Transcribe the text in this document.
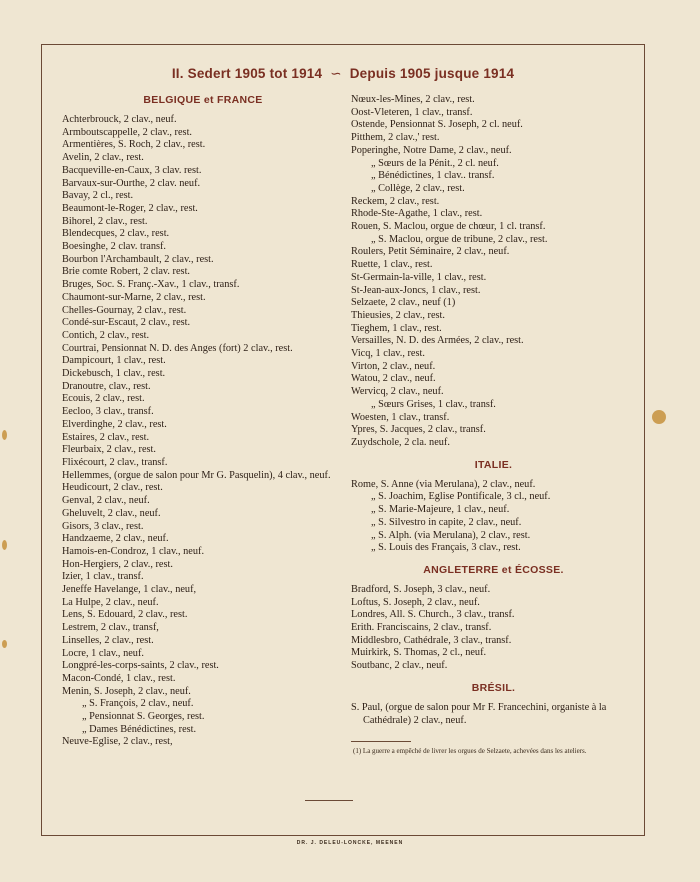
II. Sedert 1905 tot 1914 ∽ Depuis 1905 jusque 1914
BELGIQUE et FRANCE
Achterbrouck, 2 clav., neuf.
Armboutscappelle, 2 clav., rest.
Armentières, S. Roch, 2 clav., rest.
Avelin, 2 clav., rest.
Bacqueville-en-Caux, 3 clav. rest.
Barvaux-sur-Ourthe, 2 clav. neuf.
Bavay, 2 cl., rest.
Beaumont-le-Roger, 2 clav., rest.
Bihorel, 2 clav., rest.
Blendecques, 2 clav., rest.
Boesinghe, 2 clav. transf.
Bourbon l'Archambault, 2 clav., rest.
Brie comte Robert, 2 clav. rest.
Bruges, Soc. S. Franç.-Xav., 1 clav., transf.
Chaumont-sur-Marne, 2 clav., rest.
Chelles-Gournay, 2 clav., rest.
Condé-sur-Escaut, 2 clav., rest.
Contich, 2 clav., rest.
Courtrai, Pensionnat N. D. des Anges (fort) 2 clav., rest.
Dampicourt, 1 clav., rest.
Dickebusch, 1 clav., rest.
Dranoutre, clav., rest.
Ecouis, 2 clav., rest.
Eecloo, 3 clav., transf.
Elverdinghe, 2 clav., rest.
Estaires, 2 clav., rest.
Fleurbaix, 2 clav., rest.
Flixécourt, 2 clav., transf.
Hellemmes, (orgue de salon pour Mr G. Pasquelin), 4 clav., neuf.
Heudicourt, 2 clav., rest.
Genval, 2 clav., neuf.
Gheluvelt, 2 clav., neuf.
Gisors, 3 clav., rest.
Handzaeme, 2 clav., neuf.
Hamois-en-Condroz, 1 clav., neuf.
Hon-Hergiers, 2 clav., rest.
Izier, 1 clav., transf.
Jeneffe Havelange, 1 clav., neuf,
La Hulpe, 2 clav., neuf.
Lens, S. Edouard, 2 clav., rest.
Lestrem, 2 clav., transf,
Linselles, 2 clav., rest.
Locre, 1 clav., neuf.
Longpré-les-corps-saints, 2 clav., rest.
Macon-Condé, 1 clav., rest.
Menin, S. Joseph, 2 clav., neuf.
„ S. François, 2 clav., neuf.
„ Pensionnat S. Georges, rest.
„ Dames Bénédictines, rest.
Neuve-Eglise, 2 clav., rest,
Nœux-les-Mines, 2 clav., rest.
Oost-Vleteren, 1 clav., transf.
Ostende, Pensionnat S. Joseph, 2 cl. neuf.
Pitthem, 2 clav.,' rest.
Poperinghe, Notre Dame, 2 clav., neuf.
„ Sœurs de la Pénit., 2 cl. neuf.
„ Bénédictines, 1 clav.. transf.
„ Collège, 2 clav., rest.
Reckem, 2 clav., rest.
Rhode-Ste-Agathe, 1 clav., rest.
Rouen, S. Maclou, orgue de chœur, 1 cl. transf.
„ S. Maclou, orgue de tribune, 2 clav., rest.
Roulers, Petit Séminaire, 2 clav., neuf.
Ruette, 1 clav., rest.
St-Germain-la-ville, 1 clav., rest.
St-Jean-aux-Joncs, 1 clav., rest.
Selzaete, 2 clav., neuf (1)
Thieusies, 2 clav., rest.
Tieghem, 1 clav., rest.
Versailles, N. D. des Armées, 2 clav., rest.
Vicq, 1 clav., rest.
Virton, 2 clav., neuf.
Watou, 2 clav., neuf.
Wervicq, 2 clav., neuf.
„ Sœurs Grises, 1 clav., transf.
Woesten, 1 clav., transf.
Ypres, S. Jacques, 2 clav., transf.
Zuydschole, 2 cla. neuf.
ITALIE.
Rome, S. Anne (via Merulana), 2 clav., neuf.
„ S. Joachim, Eglise Pontificale, 3 cl., neuf.
„ S. Marie-Majeure, 1 clav., neuf.
„ S. Silvestro in capite, 2 clav., neuf.
„ S. Alph. (via Merulana), 2 clav., rest.
„ S. Louis des Français, 3 clav., rest.
ANGLETERRE et ÉCOSSE.
Bradford, S. Joseph, 3 clav., neuf.
Loftus, S. Joseph, 2 clav., neuf.
Londres, All. S. Church., 3 clav., transf.
Erith. Franciscains, 2 clav., transf.
Middlesbro, Cathédrale, 3 clav., transf.
Muirkirk, S. Thomas, 2 cl., neuf.
Soutbanc, 2 clav., neuf.
BRÉSIL.
S. Paul, (orgue de salon pour Mr F. Francechini, organiste à la Cathédrale) 2 clav., neuf.
(1) La guerre a empêché de livrer les orgues de Selzaete, achevées dans les ateliers.
DR. J. DELEU-LONCKE, MEENEN
